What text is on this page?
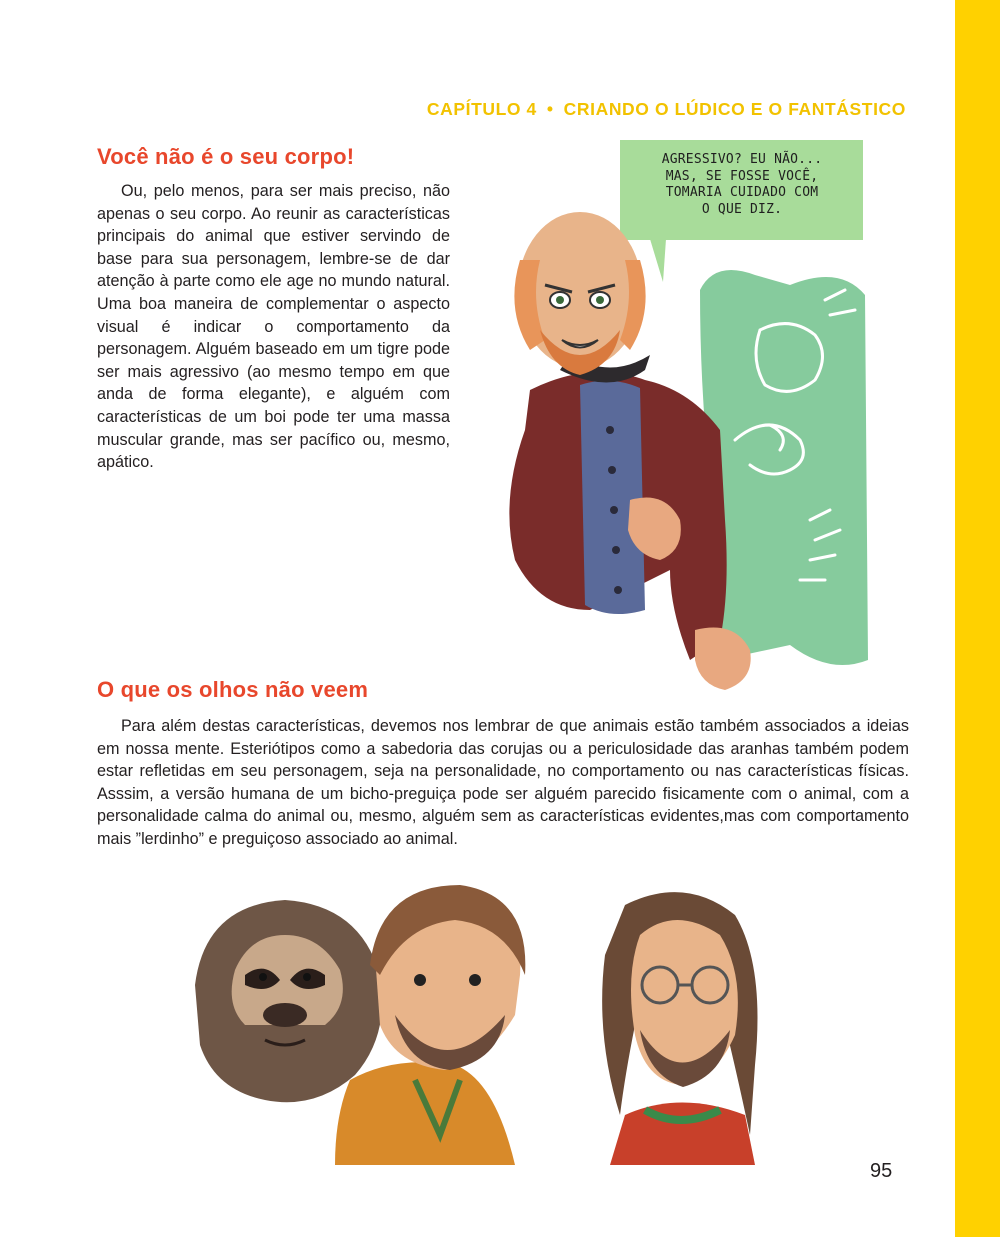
CAPÍTULO 4 • CRIANDO O LÚDICO E O FANTÁSTICO
Você não é o seu corpo!

Ou, pelo menos, para ser mais preciso, não apenas o seu corpo. Ao reunir as características principais do animal que estiver servindo de base para sua personagem, lembre-se de dar atenção à parte como ele age no mundo natural. Uma boa maneira de complementar o aspecto visual é indicar o comportamento da personagem. Alguém baseado em um tigre pode ser mais agressivo (ao mesmo tempo em que anda de forma elegante), e alguém com características de um boi pode ter uma massa muscular grande, mas ser pacífico ou, mesmo, apático.

AGRESSIVO? EU NÃO...
MAS, SE FOSSE VOCÊ,
TOMARIA CUIDADO COM
O QUE DIZ.
O que os olhos não veem

Para além destas características, devemos nos lembrar de que animais estão também associados a ideias em nossa mente. Esteriótipos como a sabedoria das corujas ou a periculosidade das aranhas também podem estar refletidas em seu personagem, seja na personalidade, no comportamento ou nas características físicas. Asssim, a versão humana de um bicho-preguiça pode ser alguém parecido fisicamente com o animal, com a personalidade calma do animal ou, mesmo, alguém sem as características evidentes,mas com comportamento mais ”lerdinho” e preguiçoso associado ao animal.

95
